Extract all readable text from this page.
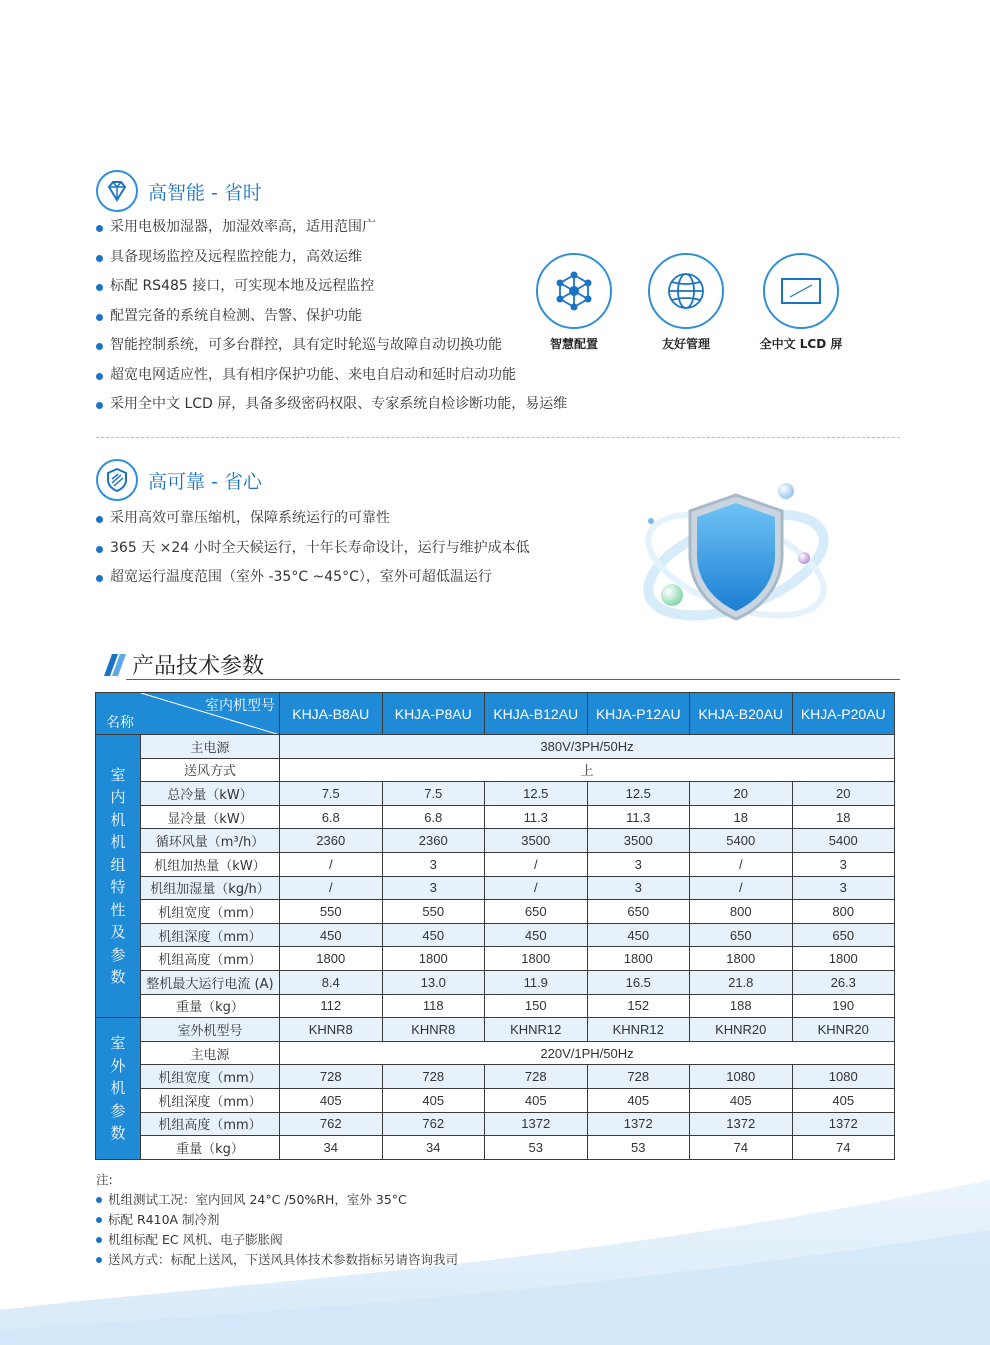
高智能 - 省时
采用电极加湿器，加湿效率高，适用范围广
具备现场监控及远程监控能力，高效运维
标配 RS485 接口，可实现本地及远程监控
配置完备的系统自检测、告警、保护功能
智能控制系统，可多台群控，具有定时轮巡与故障自动切换功能
超宽电网适应性，具有相序保护功能、来电自启动和延时启动功能
采用全中文 LCD 屏，具备多级密码权限、专家系统自检诊断功能，易运维
智慧配置	友好管理	全中文 LCD 屏
高可靠 - 省心
采用高效可靠压缩机，保障系统运行的可靠性
365 天 ×24 小时全天候运行，十年长寿命设计，运行与维护成本低
超宽运行温度范围（室外 -35°C ~45°C），室外可超低温运行
产品技术参数
室内机型号
名称		KHJA-B8AU	KHJA-P8AU	KHJA-B12AU	KHJA-P12AU	KHJA-B20AU	KHJA-P20AU
室内机机组特性及参数	主电源	380V/3PH/50Hz					
	送风方式	上					
	总冷量（kW）	7.5	7.5	12.5	12.5	20	20
	显冷量（kW）	6.8	6.8	11.3	11.3	18	18
	循环风量（m³/h）	2360	2360	3500	3500	5400	5400
	机组加热量（kW）	/	3	/	3	/	3
	机组加湿量（kg/h）	/	3	/	3	/	3
	机组宽度（mm）	550	550	650	650	800	800
	机组深度（mm）	450	450	450	450	650	650
	机组高度（mm）	1800	1800	1800	1800	1800	1800
	整机最大运行电流 (A)	8.4	13.0	11.9	16.5	21.8	26.3
	重量（kg）	112	118	150	152	188	190
室外机参数	室外机型号	KHNR8	KHNR8	KHNR12	KHNR12	KHNR20	KHNR20
	主电源	220V/1PH/50Hz					
	机组宽度（mm）	728	728	728	728	1080	1080
	机组深度（mm）	405	405	405	405	405	405
	机组高度（mm）	762	762	1372	1372	1372	1372
	重量（kg）	34	34	53	53	74	74
注:
机组测试工况：室内回风 24°C /50%RH，室外 35°C
标配 R410A 制冷剂
机组标配 EC 风机、电子膨胀阀
送风方式：标配上送风，下送风具体技术参数指标另请咨询我司
